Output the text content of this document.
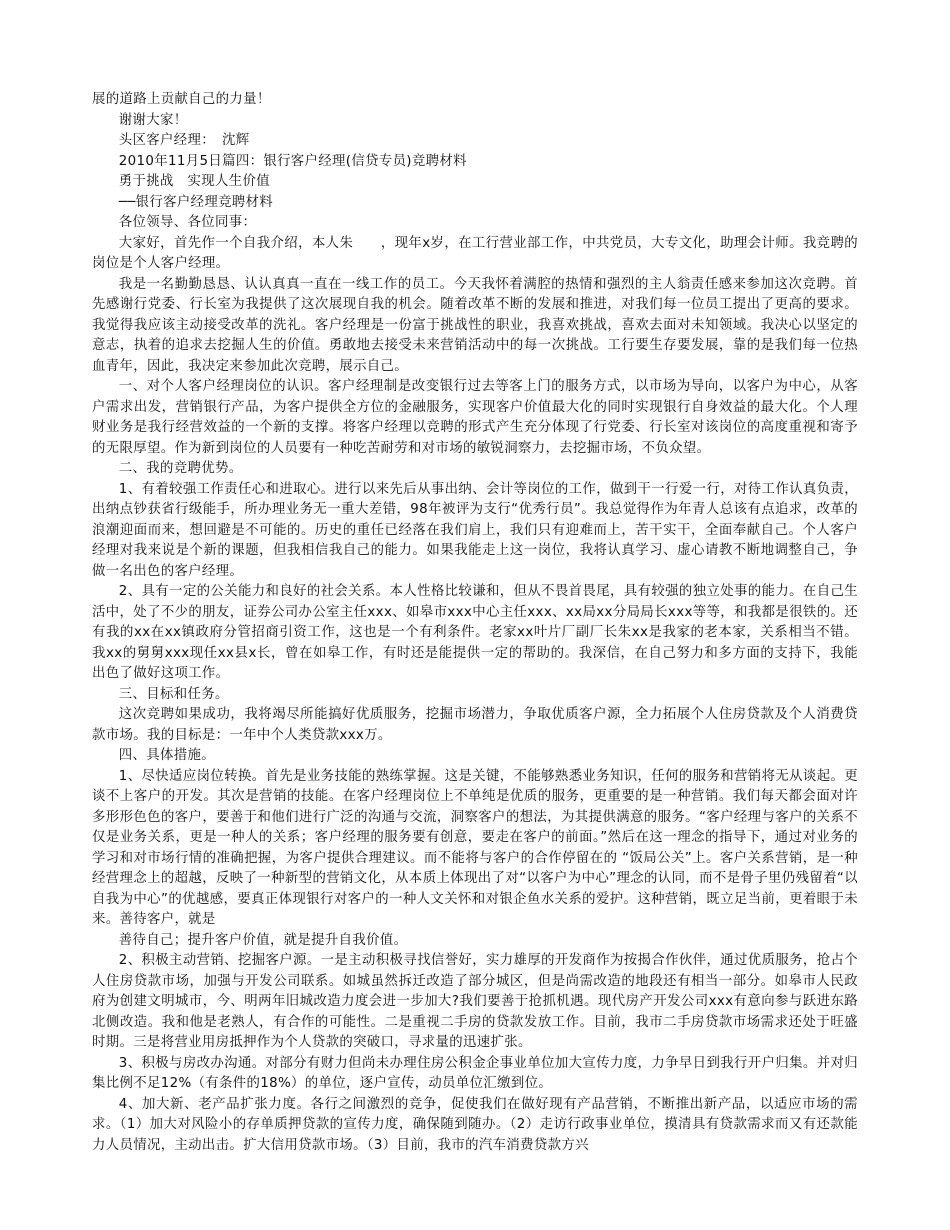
展的道路上贡献自己的力量！

谢谢大家！

头区客户经理：　沈辉

2010年11月5日篇四：银行客户经理(信贷专员)竞聘材料

勇于挑战　实现人生价值

──银行客户经理竞聘材料

各位领导、各位同事：

大家好，首先作一个自我介绍，本人朱　　，现年x岁，在工行营业部工作，中共党员，大专文化，助理会计师。我竞聘的岗位是个人客户经理。

我是一名勤勤恳恳、认认真真一直在一线工作的员工。今天我怀着满腔的热情和强烈的主人翁责任感来参加这次竞聘。首先感谢行党委、行长室为我提供了这次展现自我的机会。随着改革不断的发展和推进，对我们每一位员工提出了更高的要求。我觉得我应该主动接受改革的洗礼。客户经理是一份富于挑战性的职业，我喜欢挑战，喜欢去面对未知领域。我决心以坚定的意志，执着的追求去挖掘人生的价值。勇敢地去接受未来营销活动中的每一次挑战。工行要生存要发展，靠的是我们每一位热血青年，因此，我决定来参加此次竞聘，展示自己。

一、对个人客户经理岗位的认识。客户经理制是改变银行过去等客上门的服务方式，以市场为导向，以客户为中心，从客户需求出发，营销银行产品，为客户提供全方位的金融服务，实现客户价值最大化的同时实现银行自身效益的最大化。个人理财业务是我行经营效益的一个新的支撑。将客户经理以竞聘的形式产生充分体现了行党委、行长室对该岗位的高度重视和寄予的无限厚望。作为新到岗位的人员要有一种吃苦耐劳和对市场的敏锐洞察力，去挖掘市场，不负众望。

二、我的竞聘优势。

1、有着较强工作责任心和进取心。进行以来先后从事出纳、会计等岗位的工作，做到干一行爱一行，对待工作认真负责，出纳点钞获省行级能手，所办理业务无一重大差错，98年被评为支行“优秀行员”。我总觉得作为年青人总该有点追求，改革的浪潮迎面而来，想回避是不可能的。历史的重任已经落在我们肩上，我们只有迎难而上，苦干实干，全面奉献自己。个人客户经理对我来说是个新的课题，但我相信我自己的能力。如果我能走上这一岗位，我将认真学习、虚心请教不断地调整自己，争做一名出色的客户经理。

2、具有一定的公关能力和良好的社会关系。本人性格比较谦和，但从不畏首畏尾，具有较强的独立处事的能力。在自己生活中，处了不少的朋友，证券公司办公室主任xxx、如皋市xxx中心主任xxx、xx局xx分局局长xxx等等，和我都是很铁的。还有我的xx在xx镇政府分管招商引资工作，这也是一个有利条件。老家xx叶片厂副厂长朱xx是我家的老本家，关系相当不错。我xx的舅舅xxx现任xx县x长，曾在如皋工作，有时还是能提供一定的帮助的。我深信，在自己努力和多方面的支持下，我能出色了做好这项工作。

三、目标和任务。

这次竞聘如果成功，我将竭尽所能搞好优质服务，挖掘市场潜力，争取优质客户源，全力拓展个人住房贷款及个人消费贷款市场。我的目标是：一年中个人类贷款xxx万。

四、具体措施。

1、尽快适应岗位转换。首先是业务技能的熟练掌握。这是关键，不能够熟悉业务知识，任何的服务和营销将无从谈起。更谈不上客户的开发。其次是营销的技能。在客户经理岗位上不单纯是优质的服务，更重要的是一种营销。我们每天都会面对许多形形色色的客户，要善于和他们进行广泛的沟通与交流，洞察客户的想法，为其提供满意的服务。“客户经理与客户的关系不仅是业务关系，更是一种人的关系；客户经理的服务要有创意，要走在客户的前面。”然后在这一理念的指导下，通过对业务的学习和对市场行情的准确把握，为客户提供合理建议。而不能将与客户的合作停留在的 “饭局公关”上。客户关系营销，是一种经营理念上的超越，反映了一种新型的营销文化，从本质上体现出了对“以客户为中心”理念的认同，而不是骨子里仍残留着“以自我为中心”的优越感，要真正体现银行对客户的一种人文关怀和对银企鱼水关系的爱护。这种营销，既立足当前，更着眼于未来。善待客户，就是

善待自己；提升客户价值，就是提升自我价值。

2、积极主动营销、挖掘客户源。一是主动积极寻找信誉好，实力雄厚的开发商作为按揭合作伙伴，通过优质服务，抢占个人住房贷款市场，加强与开发公司联系。如城虽然拆迁改造了部分城区，但是尚需改造的地段还有相当一部分。如皋市人民政府为创建文明城市，今、明两年旧城改造力度会进一步加大?我们要善于抢抓机遇。现代房产开发公司xxx有意向参与跃进东路北侧改造。我和他是老熟人，有合作的可能性。二是重视二手房的贷款发放工作。目前，我市二手房贷款市场需求还处于旺盛时期。三是将营业用房抵押作为个人贷款的突破口，寻求量的迅速扩张。

3、积极与房改办沟通。对部分有财力但尚未办理住房公积金企事业单位加大宣传力度，力争早日到我行开户归集。并对归集比例不足12%（有条件的18%）的单位，逐户宣传，动员单位汇缴到位。

4、加大新、老产品扩张力度。各行之间激烈的竞争，促使我们在做好现有产品营销，不断推出新产品，以适应市场的需求。（1）加大对风险小的存单质押贷款的宣传力度，确保随到随办。（2）走访行政事业单位，摸清具有贷款需求而又有还款能力人员情况，主动出击。扩大信用贷款市场。（3）目前，我市的汽车消费贷款方兴
